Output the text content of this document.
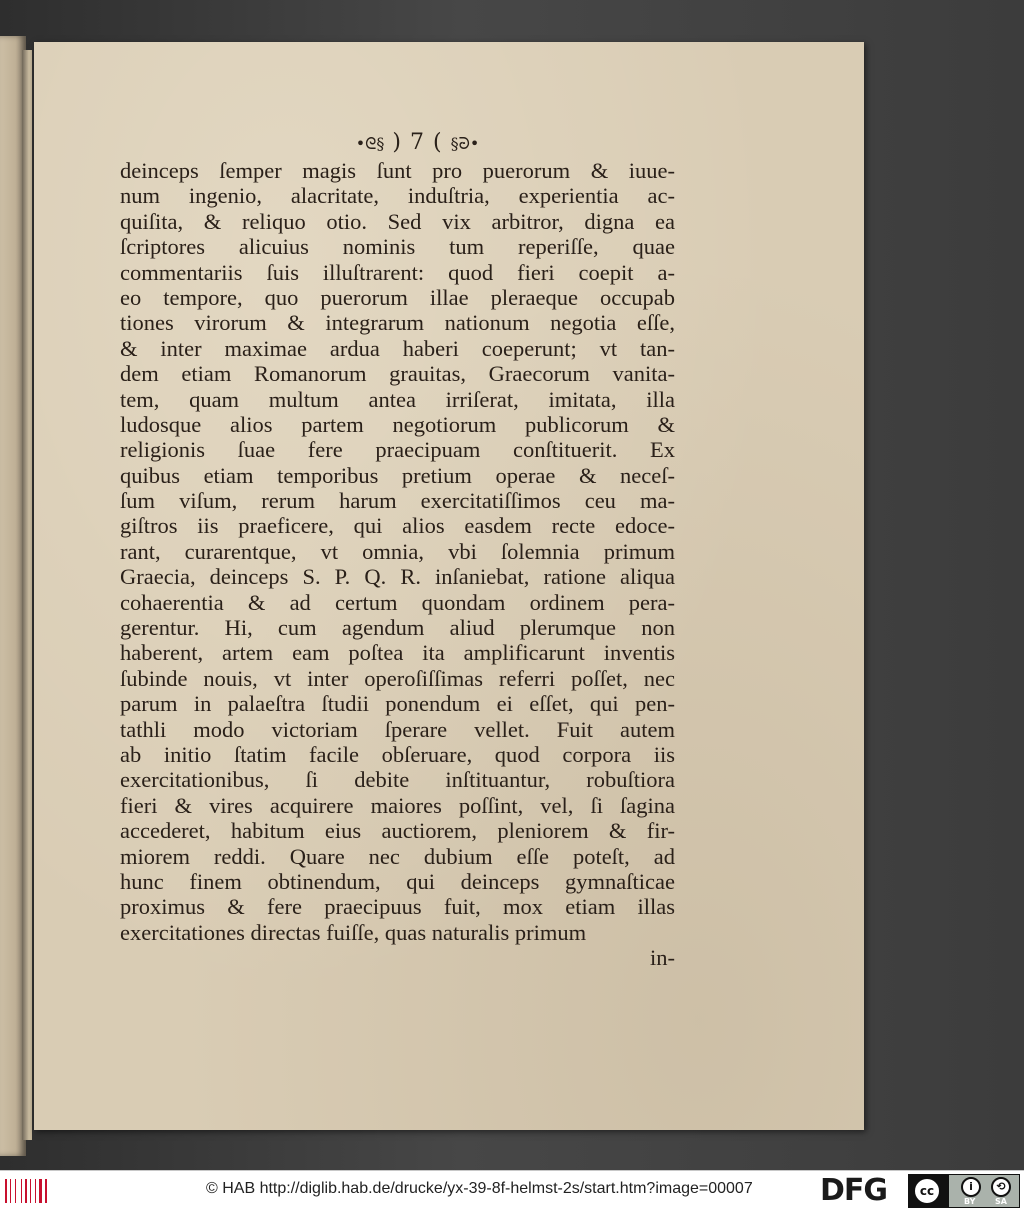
•ᘓ§ ) 7 ( §ᘒ•
deinceps ſemper magis ſunt pro puerorum & iuue-
num ingenio, alacritate, induſtria, experientia ac-
quiſita, & reliquo otio. Sed vix arbitror, digna ea
ſcriptores alicuius nominis tum reperiſſe, quae
commentariis ſuis illuſtrarent: quod fieri coepit a-
eo tempore, quo puerorum illae pleraeque occupab
tiones virorum & integrarum nationum negotia eſſe,
& inter maximae ardua haberi coeperunt; vt tan-
dem etiam Romanorum grauitas, Graecorum vanita-
tem, quam multum antea irriſerat, imitata, illa
ludosque alios partem negotiorum publicorum &
religionis ſuae fere praecipuam conſtituerit. Ex
quibus etiam temporibus pretium operae & neceſ-
ſum viſum, rerum harum exercitatiſſimos ceu ma-
giſtros iis praeficere, qui alios easdem recte edoce-
rant, curarentque, vt omnia, vbi ſolemnia primum
Graecia, deinceps S. P. Q. R. inſaniebat, ratione aliqua
cohaerentia & ad certum quondam ordinem pera-
gerentur. Hi, cum agendum aliud plerumque non
haberent, artem eam poſtea ita amplificarunt inventis
ſubinde nouis, vt inter operoſiſſimas referri poſſet, nec
parum in palaeſtra ſtudii ponendum ei eſſet, qui pen-
tathli modo victoriam ſperare vellet. Fuit autem
ab initio ſtatim facile obſeruare, quod corpora iis
exercitationibus, ſi debite inſtituantur, robuſtiora
fieri & vires acquirere maiores poſſint, vel, ſi ſagina
accederet, habitum eius auctiorem, pleniorem & fir-
miorem reddi. Quare nec dubium eſſe poteſt, ad
hunc finem obtinendum, qui deinceps gymnaſticae
proximus & fere praecipuus fuit, mox etiam illas
exercitationes directas fuiſſe, quas naturalis primum
in-
© HAB http://diglib.hab.de/drucke/yx-39-8f-helmst-2s/start.htm?image=00007 DFG	cc	i	⟲
BY SA
